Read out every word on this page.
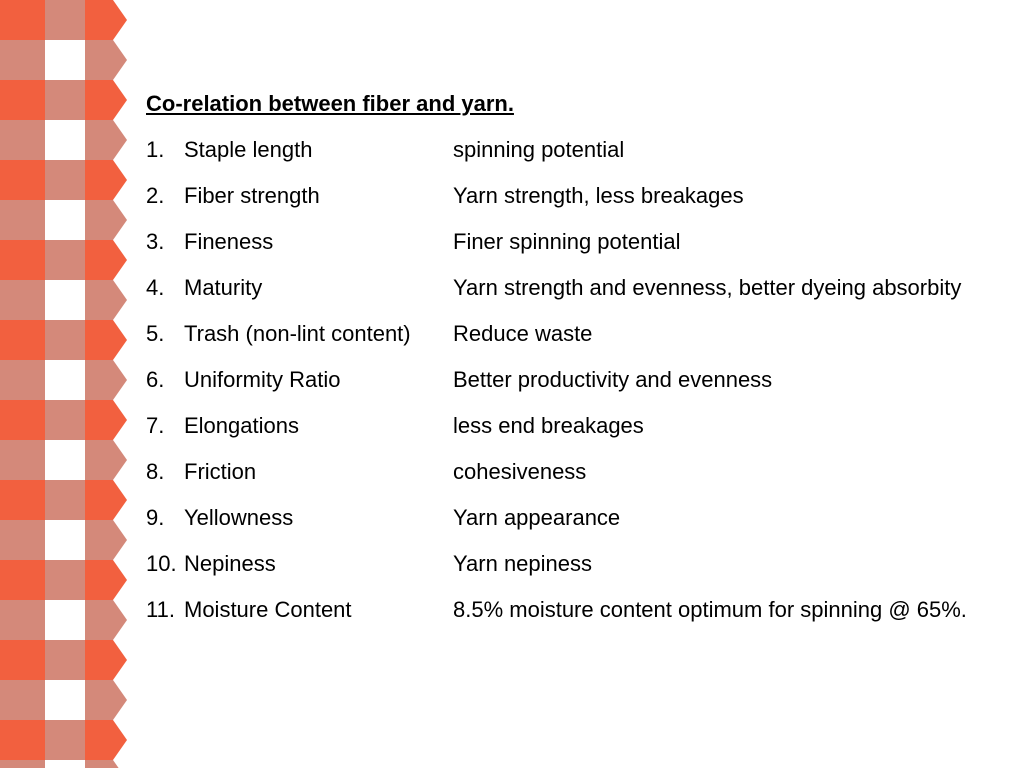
Co-relation between fiber and yarn.
1. Staple length	spinning potential
2. Fiber strength	Yarn strength, less breakages
3. Fineness	Finer spinning potential
4. Maturity	Yarn strength and evenness, better dyeing absorbity
5. Trash (non-lint content) Reduce waste
6. Uniformity Ratio	Better productivity and evenness
7. Elongations	less end breakages
8. Friction	cohesiveness
9. Yellowness	Yarn appearance
10. Nepiness	Yarn nepiness
11. Moisture Content	8.5% moisture content optimum for spinning @ 65%.
